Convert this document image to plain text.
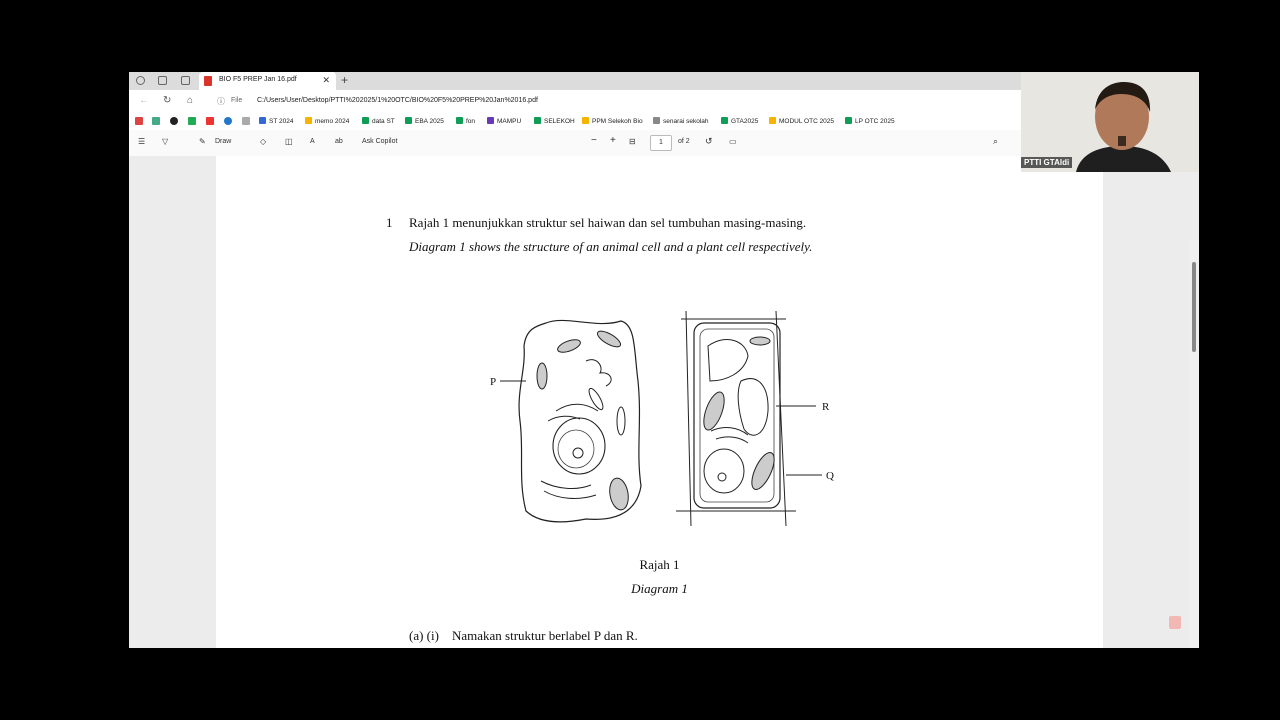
BIO F5 PREP Jan 16.pdf	✕ +
← ↻ ⌂	ⓘ File C:/Users/User/Desktop/PTTI%202025/1%20OTC/BIO%20F5%20PREP%20Jan%2016.pdf
ST 2024	memo 2024	data ST	EBA 2025	fon	MAMPU	SELEKOH	PPM Selekoh Bio	senarai sekolah	GTA2025	MODUL OTC 2025	LP OTC 2025
☰ ▽	✎ Draw	◇ ◫ A	ab	Ask Copilot	− + ⊟	1	of 2 ↺ ▭	⌕
1 Rajah 1 menunjukkan struktur sel haiwan dan sel tumbuhan masing-masing.
Diagram 1 shows the structure of an animal cell and a plant cell respectively.
P
R
Q
Rajah 1
Diagram 1
(a) (i) Namakan struktur berlabel P dan R.
PTTI GTAldi
